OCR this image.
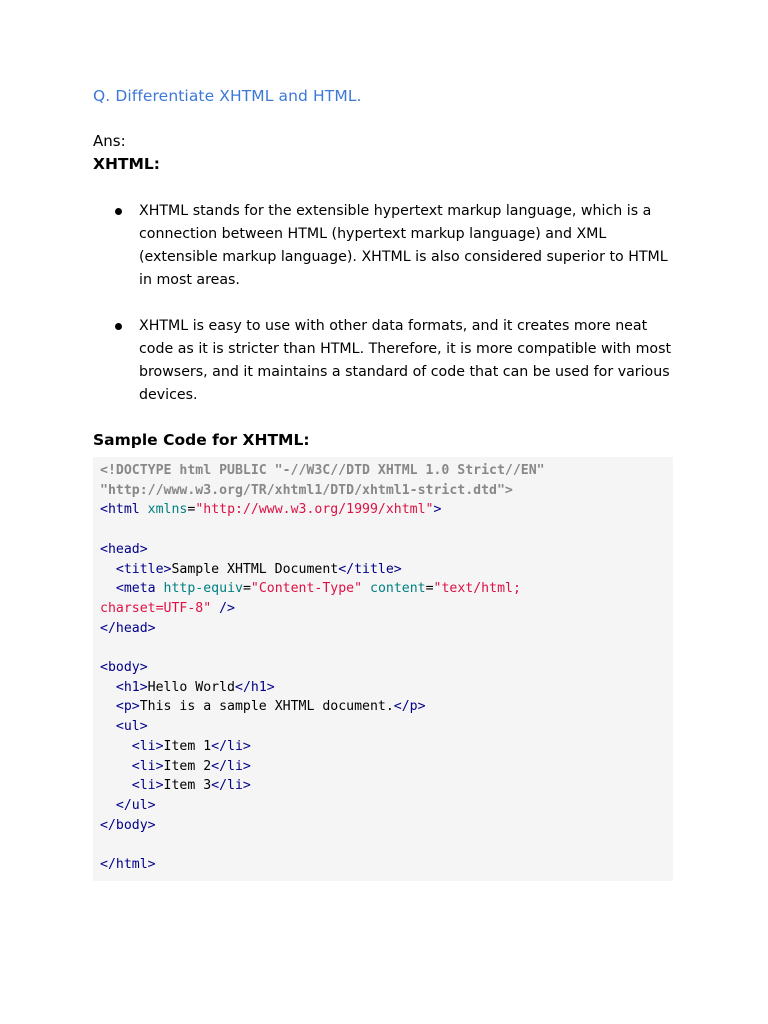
Q. Differentiate XHTML and HTML.
Ans:
XHTML:
XHTML stands for the extensible hypertext markup language, which is a connection between HTML (hypertext markup language) and XML (extensible markup language). XHTML is also considered superior to HTML in most areas.
XHTML is easy to use with other data formats, and it creates more neat code as it is stricter than HTML. Therefore, it is more compatible with most browsers, and it maintains a standard of code that can be used for various devices.
Sample Code for XHTML:
<!DOCTYPE html PUBLIC "-//W3C//DTD XHTML 1.0 Strict//EN"
"http://www.w3.org/TR/xhtml1/DTD/xhtml1-strict.dtd">
<html xmlns="http://www.w3.org/1999/xhtml">

<head>
<title>Sample XHTML Document</title>
<meta http-equiv="Content-Type" content="text/html;
charset=UTF-8" />
</head>

<body>
<h1>Hello World</h1>
<p>This is a sample XHTML document.</p>
<ul>
<li>Item 1</li>
<li>Item 2</li>
<li>Item 3</li>
</ul>
</body>

</html>
